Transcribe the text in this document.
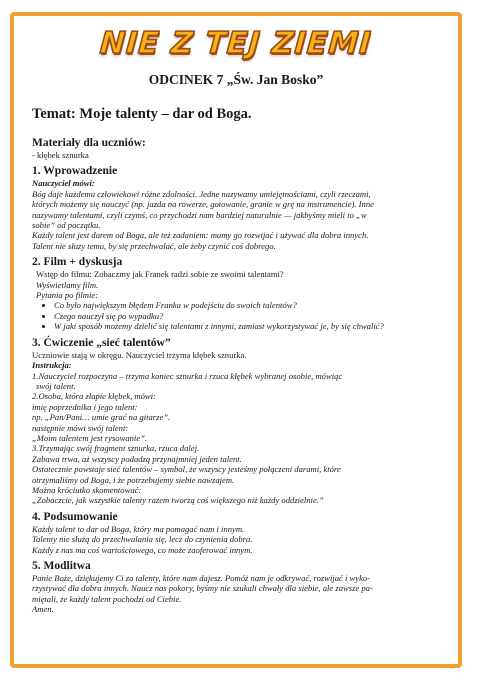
NIE Z TEJ ZIEMI
ODCINEK 7 „Św. Jan Bosko”
Temat: Moje talenty – dar od Boga.
Materiały dla uczniów:
- kłębek sznurka
1. Wprowadzenie
Nauczyciel mówi:
Bóg daje każdemu człowiekowi różne zdolności. Jedne nazywamy umiejętnościami, czyli rzeczami,
których możemy się nauczyć (np. jazda na rowerze, gotowanie, granie w grę na instrumencie). Inne
nazywamy talentami, czyli czymś, co przychodzi nam bardziej naturalnie — jakbyśmy mieli to „w
sobie” od początku.
Każdy talent jest darem od Boga, ale też zadaniem: mamy go rozwijać i używać dla dobra innych.
Talent nie służy temu, by się przechwalać, ale żeby czynić coś dobrego.
2. Film + dyskusja
Wstęp do filmu: Zobaczmy jak Franek radzi sobie ze swoimi talentami?
Wyświetlamy film.
Pytania po filmie:
• Co było największym błędem Franka w podejściu do swoich talentów?
• Czego nauczył się po wypadku?
• W jaki sposób możemy dzielić się talentami z innymi, zamiast wykorzystywać je, by się chwalić?
3. Ćwiczenie „sieć talentów”
Uczniowie stają w okręgu. Nauczyciel trzyma kłębek sznurka.
Instrukcja:
1.Nauczyciel rozpoczyna – trzyma koniec sznurka i rzuca kłębek wybranej osobie, mówiąc
swój talent.
2.Osoba, która złapie kłębek, mówi:
imię poprzednika i jego talent:
np. „Pan/Pani… umie grać na gitarze”.
następnie mówi swój talent:
„Moim talentem jest rysowanie”.
3.Trzymając swój fragment sznurka, rzuca dalej.
Zabawa trwa, aż wszyscy podadzą przynajmniej jeden talent.
Ostatecznie powstaje sieć talentów – symbol, że wszyscy jesteśmy połączeni darami, które
otrzymaliśmy od Boga, i że potrzebujemy siebie nawzajem.
Można króciutko skomentować:
„Zobaczcie, jak wszystkie talenty razem tworzą coś większego niż każdy oddzielnie.”
4. Podsumowanie
Każdy talent to dar od Boga, który ma pomagać nam i innym.
Talenty nie służą do przechwalania się, lecz do czynienia dobra.
Każdy z nas ma coś wartościowego, co może zaoferować innym.
5. Modlitwa
Panie Boże, dziękujemy Ci za talenty, które nam dajesz. Pomóż nam je odkrywać, rozwijać i wyko-
rzystywać dla dobra innych. Naucz nas pokory, byśmy nie szukali chwały dla siebie, ale zawsze pa-
miętali, że każdy talent pochodzi od Ciebie.
Amen.
